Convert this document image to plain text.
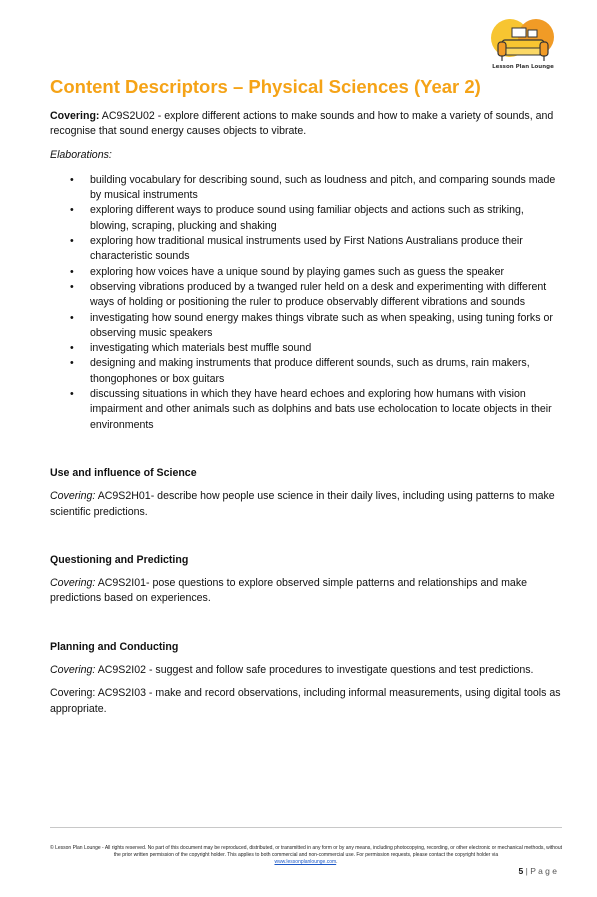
Lesson Plan Lounge
Content Descriptors – Physical Sciences (Year 2)

Covering: AC9S2U02 - explore different actions to make sounds and how to make a variety of sounds, and recognise that sound energy causes objects to vibrate.

Elaborations:

• building vocabulary for describing sound, such as loudness and pitch, and comparing sounds made by musical instruments
• exploring different ways to produce sound using familiar objects and actions such as striking, blowing, scraping, plucking and shaking
• exploring how traditional musical instruments used by First Nations Australians produce their characteristic sounds
• exploring how voices have a unique sound by playing games such as guess the speaker
• observing vibrations produced by a twanged ruler held on a desk and experimenting with different ways of holding or positioning the ruler to produce observably different vibrations and sounds
• investigating how sound energy makes things vibrate such as when speaking, using tuning forks or observing music speakers
• investigating which materials best muffle sound
• designing and making instruments that produce different sounds, such as drums, rain makers, thongophones or box guitars
• discussing situations in which they have heard echoes and exploring how humans with vision impairment and other animals such as dolphins and bats use echolocation to locate objects in their environments
Use and influence of Science

Covering: AC9S2H01- describe how people use science in their daily lives, including using patterns to make scientific predictions.

Questioning and Predicting

Covering: AC9S2I01- pose questions to explore observed simple patterns and relationships and make predictions based on experiences.

Planning and Conducting

Covering: AC9S2I02 - suggest and follow safe procedures to investigate questions and test predictions.

Covering: AC9S2I03 - make and record observations, including informal measurements, using digital tools as appropriate.

© Lesson Plan Lounge - All rights reserved. No part of this document may be reproduced, distributed, or transmitted in any form or by any means, including photocopying, recording, or other electronic or mechanical methods, without the prior written permission of the copyright holder. This applies to both commercial and non-commercial use. For permission requests, please contact the copyright holder via
www.lessonplanlounge.com.
5 | P a g e
